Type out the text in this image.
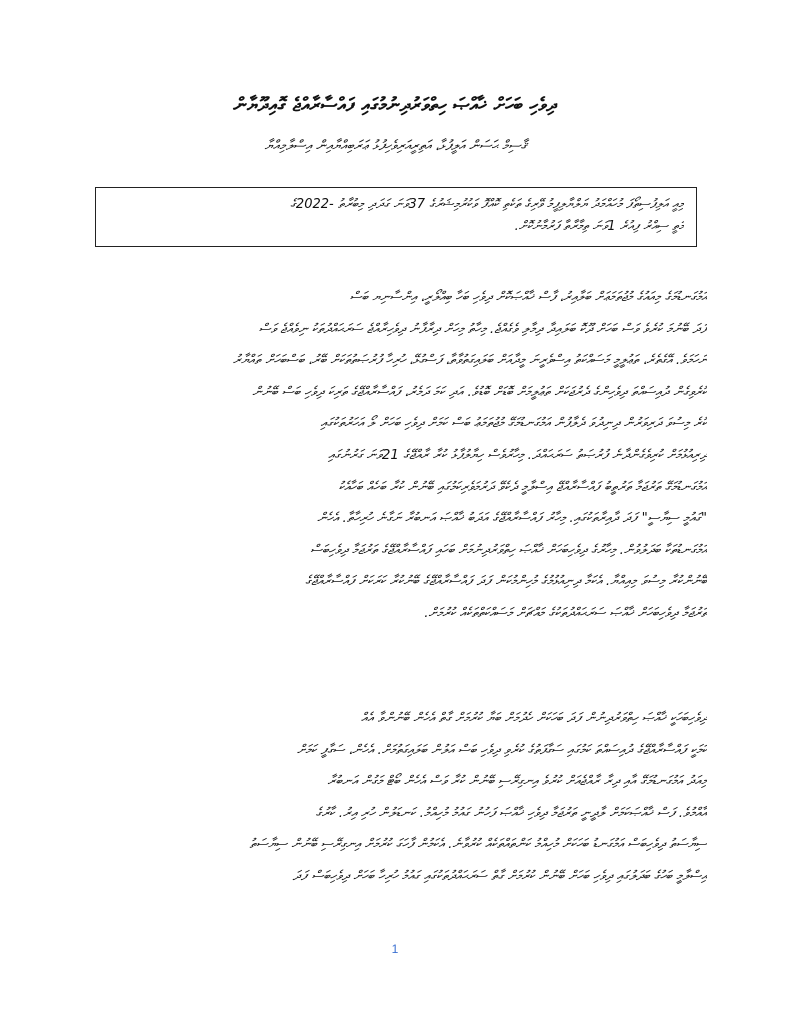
ދިވެހި ބަހަށް ޚާއްޞަ ހިތްވަރުދިނުމުގައި ފައްސާރާއްޖެ ގޮއިދޫޔާން
ޤާސިމް ޙަސަން އަލީފުޅާ، އަތިރީއަރިވެހިފުޅު ޢަރަބިއްޔާއިން އިސްލާމިއްޔާ
މިއީ އަލިފުސިތޯފަ މުހައްމަދު ޔަލްޔާލިފީމު ވޭރިގެ ތަކެތި ކޮއްފޮ ވަކުރުމިޝަރުގެ 37ވަނަ ގަދަދި މިބުރާތު -2022ގެ
މަތީ ސިއްރު ފިއުރެ 1ވަނަ ތިމާރާތާ ފަރުމާނުކޮށް.
އަމުގަނޑުމަގެ މިއައުގެ މުޖުތަމަޢަށް ބަލާއިރު، ފާސް ޚާއްޞަކޮށް ދިވެހި ބަހާ ބިއްލޯރީ، އިންސާނިޔ ބަސް
ފަދަ ބޭނުމަ ކުރެވެ ވަސް ބަހަށް ދޫކޮ ބަލައިދާ ދިމާލި ވެގެއްޖެ. މިހާތު މިހަށް ދިރާފާނު ދިވެހިރާއްޖެ ސަރަޙައްދުތަކު ނިވެއްޖެ ވަސް
ނަހަމަވެ. އޭގެތެރެ، ތަޢުލީމީ މަސައްކަތު އިސްވެރީނަ މީދާއަށް ބަލައިގަތުވާތާ، ފަސްގުޅޭ، ހުރިހާ ފުރުޞަތުތަކަށް ބޭރު، ބަސްބަހަށް ތައްޔާރު
ކުރެވިގެން ދުއިސައްތަ ދިވެހިންގެ ދެރުޖަކަށް ތަޢުލީމަށް ބޮޑަށް ބޮޑުވެ. އަދި ކަމަ ދަމެރު، ފައްސާރާއްޖޭގެ ތަރިކަ ދިވެހި ބަސް ބޭނުން
ކުރެ މިސުވަ ދަރިވަރުން ދިނިދުވަ ދެލާފުން އަމުގަނޑުމަގޭ މުޖުތަމަޢު ބަސް ކަމަށް ދިވެހި ބަހަށް ލޯ އަހަރުތަކުގައި
ދިރިއުޅުމަށް ކުރިވެގެންދާނެ ފުރުޞަތު ސަރަޙައްދަ. މިހާރުވެސް ހިޔާލުފާޅު ކުރާ ރާއްޖޭގެ 21ވަނަ ގަރުނުގައި
އަމުގަނޑުމަގޭ ތަރުޖަމާ ތަރުތީބު ފައްސާރާއްޖޭ އިސްލާމީ ދެކެވޭ ދަރުމަވެރިކަމުގައި ބޭނުން ކުރާ ބަހެއް ބަހާއެކު
"ގައުމީ ސިޔާސީ" ފަދަ ދާއިރާތަކުގައި. މިހާރު ފައްސާރާއްޖޭގެ އަދަބު ޚާއްޞަ އަނބުރާ ނަގާނެ ހުރިހާތާ. އެހެން
އަމުގަނޑުތަކާ ބަދަލުވުން. މިހާރުގެ ދިވެހިބަހަށް ޚާއްޞަ ހިތްވަރުދިނުމަށް ބަހައި ފައްސާރާއްޖޭގެ ތަރުޖަމާ ދިވެހިބަސް
ބޭނުންކުރާ މިސުވަ މިއިއްޔާ. އެކަމާ ދިނިއުޅުމުގެ މުހިންމުކަން ފަދަ ފައްސާރާއްޖޭގެ ބޭނުކުރާ ކަރަކަށް ފައްސާރާއްޖޭގެ
ތަރުޖަމާ ދިވެހިބަހަށް ޚާއްޞަ ސަރަޙައްދުތަކުގެ މައްޗަށް މަސައްކަތްތަކެއް ކުރުމަށް.
ދިވެހިބަހަކީ ޚާއްޞަ ހިތްވަރުދިނުން ފަދަ ބަހަކަށް ހެދުމަށް ބަޔާ ކުރުމަށް ގާތް އެހެން ބޭނުންވާ އެއް
ކަމަކީ ފައްސާރާއްޖޭގެ ދުއިސައްތަ ކަމުގައި ސަގާފަތުގެ ކުރެވި ދިވެހި ބަސް އަލުން ބަލައިގަތުމަށް. އެހެން، ސަގާފީ ކަމަށް
މިއަދު އަމުގަނޑުމަގޭ އާއި ދިރާ ރާއްޖެއަށް ކުރުވެ އިނގިރޭސި ބޭނުން ކުރާ ވަސް އެހެން ބޯޓް މަގުން އަނބުރާ
އާއްމުވެ. ފަސް ޚާއްޞަކަމަށް ލާދީނީ ތަރުޖަމާ ދިވެހި ޚާއްޞަ ފަހުނު ގައުމު މުހިއްމު. ކަނޑަލުން ހުރި އިރު. ކާރުގެ
ސިޔާސަތު ދިވެހިބަސް އަމުގަނޑު ބަހަކަށް މުހިއްމު ކަންތައްތަކެއް ކުރުވާނެ. އެކަމުން ފާހަގަ ކުރުމަށް އިނގިރޭސި ބޭނުން ސިޔާސަތު
އިސްލާމީ ބަހުގެ ބަދަލުގައި ދިވެހި ބަހަށް ބޭނުން ކުރުމަށް ގާތް ސަރަޙައްދުތަކުގައި ގައުމު ހުރިހާ ބަހަށް ދިވެހިބަސް ފަދަ
1
